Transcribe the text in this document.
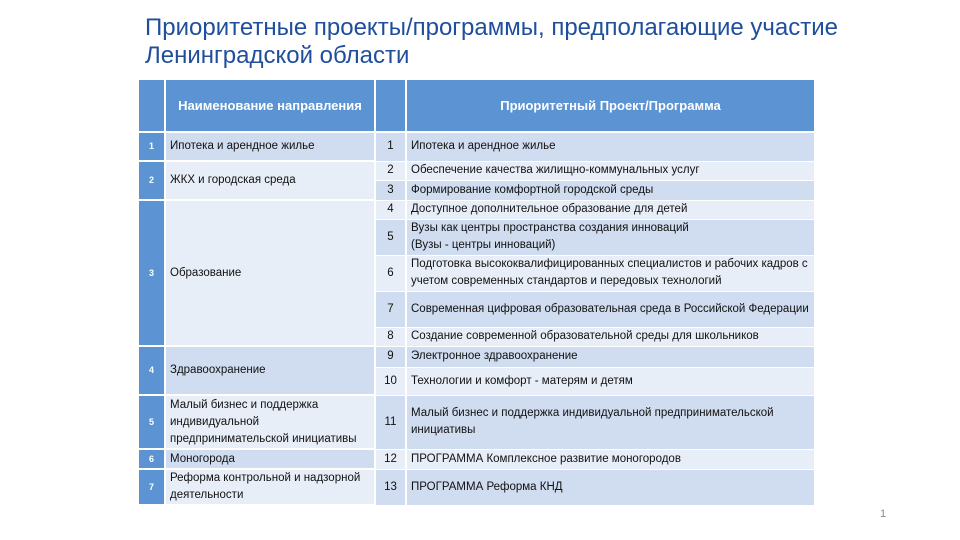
Приоритетные проекты/программы, предполагающие участие Ленинградской области
	Наименование направления		Приоритетный Проект/Программа

1	Ипотека и арендное жилье	1	Ипотека и арендное жилье
2	ЖКХ и городская среда	2	Обеспечение качества жилищно-коммунальных услуг
		3	Формирование комфортной городской среды
3	Образование	4	Доступное дополнительное образование для детей
		5	Вузы как центры пространства создания инноваций
(Вузы - центры инноваций)
		6	Подготовка высококвалифицированных специалистов и рабочих кадров с учетом современных стандартов и передовых технологий
		7	Современная цифровая образовательная среда в Российской Федерации
		8	Создание современной образовательной среды для школьников
4	Здравоохранение	9	Электронное здравоохранение
		10	Технологии и комфорт - матерям и детям
5	Малый бизнес и поддержка индивидуальной предпринимательской инициативы	11	Малый бизнес и поддержка индивидуальной предпринимательской инициативы
6	Моногорода	12	ПРОГРАММА Комплексное развитие моногородов
7	Реформа контрольной и надзорной деятельности	13	ПРОГРАММА Реформа КНД
1
